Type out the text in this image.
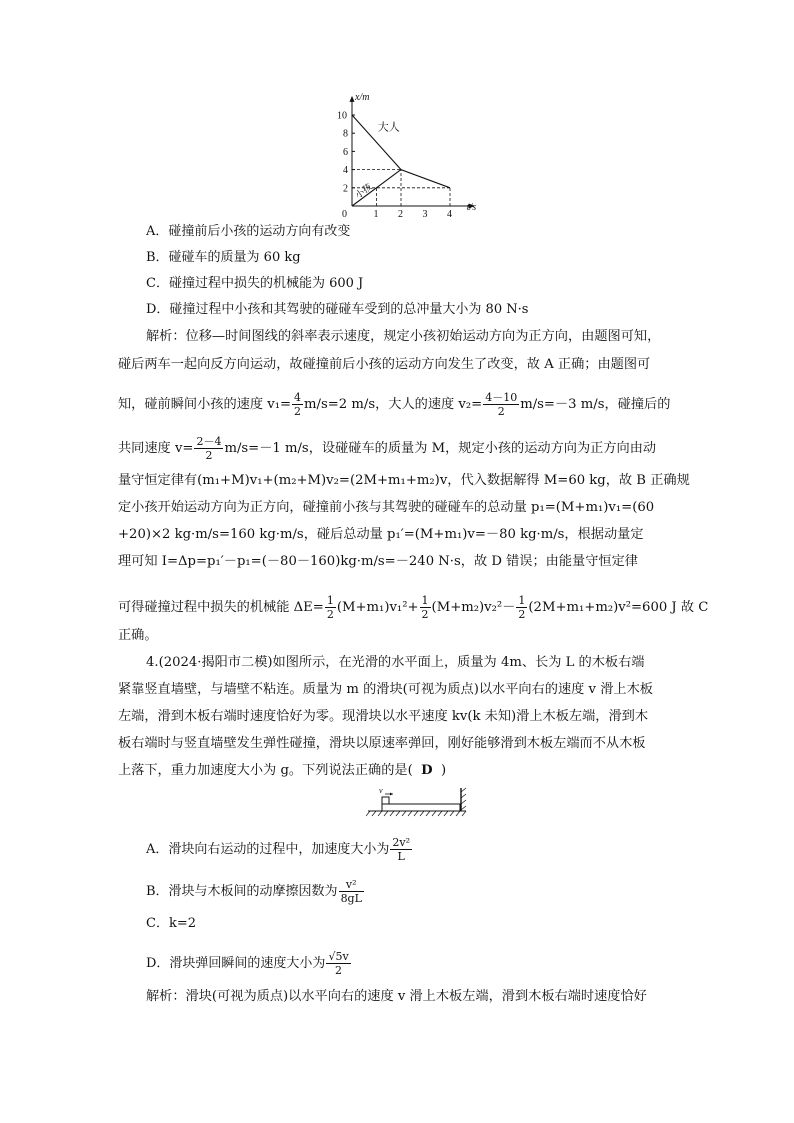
t/s
x/m
0	1 2 3 4
2
4
6
8
10
大人
小孩
A．碰撞前后小孩的运动方向有改变
B．碰碰车的质量为 60 kg
C．碰撞过程中损失的机械能为 600 J
D．碰撞过程中小孩和其驾驶的碰碰车受到的总冲量大小为 80 N·s
解析：位移—时间图线的斜率表示速度，规定小孩初始运动方向为正方向，由题图可知，
碰后两车一起向反方向运动，故碰撞前后小孩的运动方向发生了改变，故 A 正确；由题图可
知，碰前瞬间小孩的速度 $v_1= \frac{4}{2} m/s=2$ m/s，大人的速度 $v_2= \frac{4-10}{2} m/s=-3$ m/s，碰撞后的
共同速度 $v= \frac{2-4}{2} m/s=-1$ m/s，设碰碰车的质量为 M，规定小孩的运动方向为正方向由动
量守恒定律有(m₁+M)v₁+(m₂+M)v₂=(2M+m₁+m₂)v，代入数据解得 M=60 kg，故 B 正确规
定小孩开始运动方向为正方向，碰撞前小孩与其驾驶的碰碰车的总动量 p₁=(M+m₁)v₁=(60
+20)×2 kg·m/s=160 kg·m/s，碰后总动量 p₁′=(M+m₁)v=－80 kg·m/s，根据动量定
理可知 I=Δp=p₁′－p₁=(－80－160)kg·m/s=－240 N·s，故 D 错误；由能量守恒定律
可得碰撞过程中损失的机械能 $\Delta E= \frac{1}{2} (M+m_1)v_1^2+ \frac{1}{2} (M+m_2)v_2^2- \frac{1}{2} (2M+m_1+m_2)v^2=600$ J 故 C
正确。
4.(2024·揭阳市二模)如图所示，在光滑的水平面上，质量为 4m、长为 L 的木板右端
紧靠竖直墙壁，与墙壁不粘连。质量为 m 的滑块(可视为质点)以水平向右的速度 v 滑上木板
左端，滑到木板右端时速度恰好为零。现滑块以水平速度 kv(k 未知)滑上木板左端，滑到木
板右端时与竖直墙壁发生弹性碰撞，滑块以原速率弹回，刚好能够滑到木板左端而不从木板
上落下，重力加速度大小为 g。下列说法正确的是( D )
v
A．滑块向右运动的过程中，加速度大小为 $\frac{\text{2v²}}{L}$
B．滑块与木板间的动摩擦因数为 $\frac{\text{v²}}{8gL}$
C．k=2
D．滑块弹回瞬间的速度大小为 $\frac{√5v}{2}$
解析：滑块(可视为质点)以水平向右的速度 v 滑上木板左端，滑到木板右端时速度恰好
